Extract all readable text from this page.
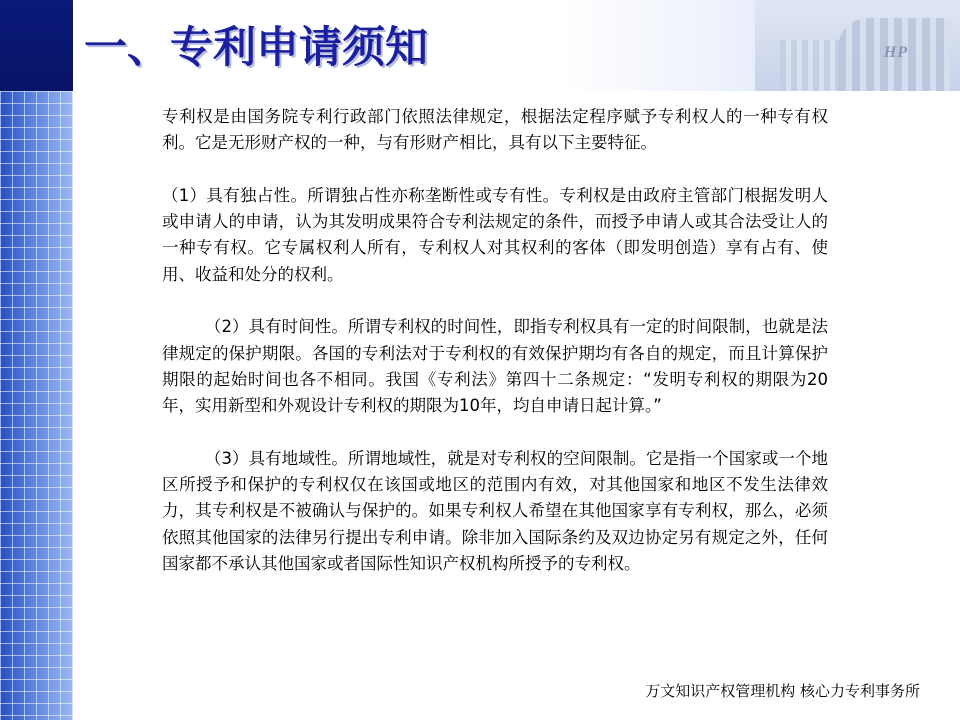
HP
一、专利申请须知

专利权是由国务院专利行政部门依照法律规定，根据法定程序赋予专利权人的一种专有权利。它是无形财产权的一种，与有形财产相比，具有以下主要特征。

（1）具有独占性。所谓独占性亦称垄断性或专有性。专利权是由政府主管部门根据发明人或申请人的申请，认为其发明成果符合专利法规定的条件，而授予申请人或其合法受让人的一种专有权。它专属权利人所有，专利权人对其权利的客体（即发明创造）享有占有、使用、收益和处分的权利。

（2）具有时间性。所谓专利权的时间性，即指专利权具有一定的时间限制，也就是法律规定的保护期限。各国的专利法对于专利权的有效保护期均有各自的规定，而且计算保护期限的起始时间也各不相同。我国《专利法》第四十二条规定：“发明专利权的期限为20年，实用新型和外观设计专利权的期限为10年，均自申请日起计算。”

（3）具有地域性。所谓地域性，就是对专利权的空间限制。它是指一个国家或一个地区所授予和保护的专利权仅在该国或地区的范围内有效，对其他国家和地区不发生法律效力，其专利权是不被确认与保护的。如果专利权人希望在其他国家享有专利权，那么，必须依照其他国家的法律另行提出专利申请。除非加入国际条约及双边协定另有规定之外，任何国家都不承认其他国家或者国际性知识产权机构所授予的专利权。

万文知识产权管理机构 核心力专利事务所
